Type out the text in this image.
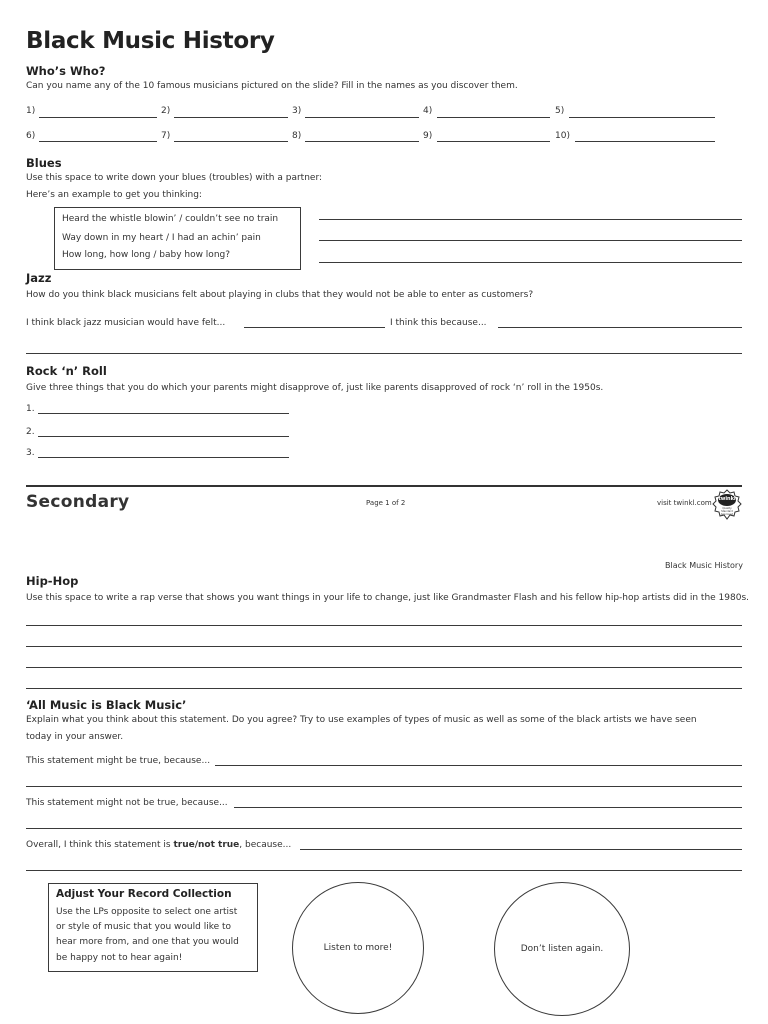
Black Music History
Who’s Who?
Can you name any of the 10 famous musicians pictured on the slide? Fill in the names as you discover them.
1)	2)	3)	4)	5)
6)	7)	8)	9)	10)
Blues
Use this space to write down your blues (troubles) with a partner:
Here’s an example to get you thinking:
Heard the whistle blowin’ / couldn’t see no train
Way down in my heart / I had an achin’ pain
How long, how long / baby how long?
Jazz
How do you think black musicians felt about playing in clubs that they would not be able to enter as customers?
I think black jazz musician would have felt...	I think this because...
Rock ‘n’ Roll
Give three things that you do which your parents might disapprove of, just like parents disapproved of rock ‘n’ roll in the 1950s.
1.
2.
3.
Secondary	Page 1 of 2	visit twinkl.com	twinkl
Quality Standard Approved
Black Music History
Hip-Hop
Use this space to write a rap verse that shows you want things in your life to change, just like Grandmaster Flash and his fellow hip-hop artists did in the 1980s.
‘All Music is Black Music’
Explain what you think about this statement. Do you agree? Try to use examples of types of music as well as some of the black artists we have seen
today in your answer.
This statement might be true, because...
This statement might not be true, because...
Overall, I think this statement is true/not true, because...
Adjust Your Record Collection
Use the LPs opposite to select one artist
or style of music that you would like to
hear more from, and one that you would
be happy not to hear again!
Listen to more!	Don’t listen again.
